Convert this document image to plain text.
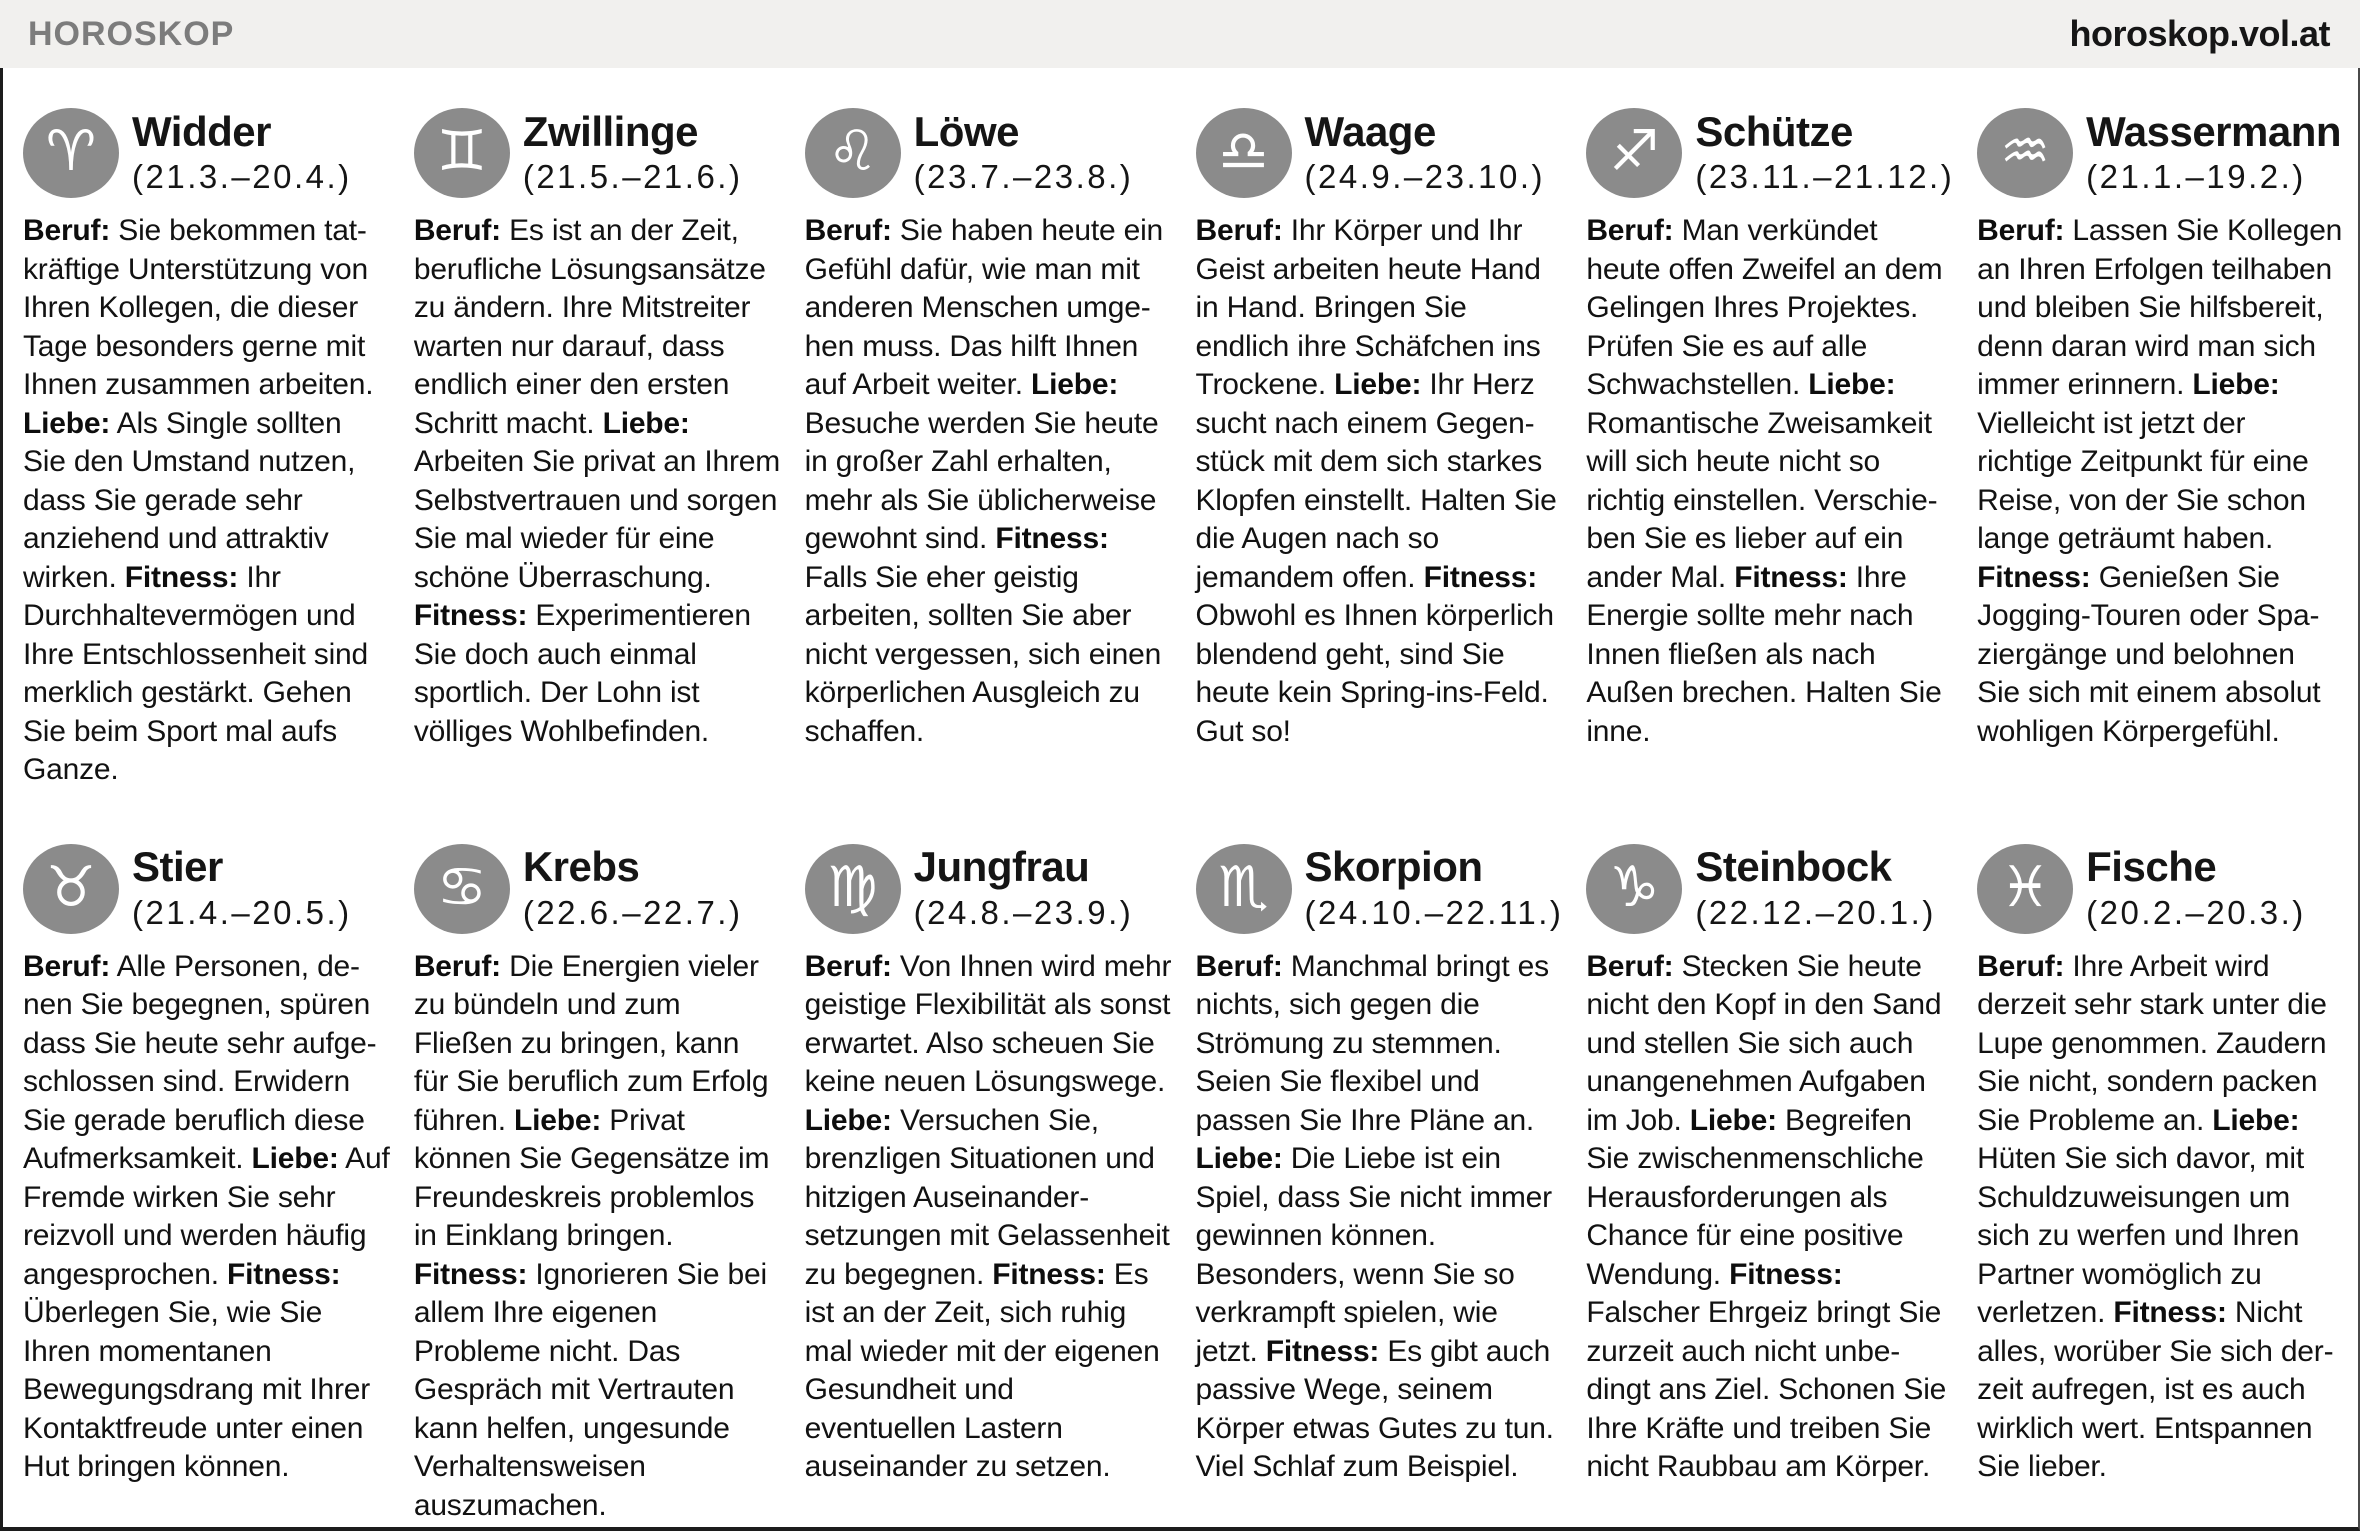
HOROSKOP	horoskop.vol.at
♈ Widder
(21.3.–20.4.)

Beruf: Sie bekommen tatkräftige Unterstützung von Ihren Kollegen, die dieser Tage besonders gerne mit Ihnen zusammen arbeiten. Liebe: Als Single sollten Sie den Umstand nutzen, dass Sie gerade sehr anziehend und attraktiv wirken. Fitness: Ihr Durchhaltevermögen und Ihre Entschlossenheit sind merklich gestärkt. Gehen Sie beim Sport mal aufs Ganze.

♊ Zwillinge
(21.5.–21.6.)

Beruf: Es ist an der Zeit, berufliche Lösungsansätze zu ändern. Ihre Mitstreiter warten nur darauf, dass endlich einer den ersten Schritt macht. Liebe: Arbeiten Sie privat an Ihrem Selbstvertrauen und sorgen Sie mal wieder für eine schöne Überraschung. Fitness: Experimentieren Sie doch auch einmal sportlich. Der Lohn ist völliges Wohlbefinden.

♌ Löwe
(23.7.–23.8.)

Beruf: Sie haben heute ein Gefühl dafür, wie man mit anderen Menschen umgehen muss. Das hilft Ihnen auf Arbeit weiter. Liebe: Besuche werden Sie heute in großer Zahl erhalten, mehr als Sie üblicherweise gewohnt sind. Fitness: Falls Sie eher geistig arbeiten, sollten Sie aber nicht vergessen, sich einen körperlichen Ausgleich zu schaffen.

♎ Waage
(24.9.–23.10.)

Beruf: Ihr Körper und Ihr Geist arbeiten heute Hand in Hand. Bringen Sie endlich ihre Schäfchen ins Trockene. Liebe: Ihr Herz sucht nach einem Gegenstück mit dem sich starkes Klopfen einstellt. Halten Sie die Augen nach so jemandem offen. Fitness: Obwohl es Ihnen körperlich blendend geht, sind Sie heute kein Spring-ins-Feld. Gut so!

♐ Schütze
(23.11.–21.12.)

Beruf: Man verkündet heute offen Zweifel an dem Gelingen Ihres Projektes. Prüfen Sie es auf alle Schwachstellen. Liebe: Romantische Zweisamkeit will sich heute nicht so richtig einstellen. Verschieben Sie es lieber auf ein ander Mal. Fitness: Ihre Energie sollte mehr nach Innen fließen als nach Außen brechen. Halten Sie inne.

♒ Wassermann
(21.1.–19.2.)

Beruf: Lassen Sie Kollegen an Ihren Erfolgen teilhaben und bleiben Sie hilfsbereit, denn daran wird man sich immer erinnern. Liebe: Vielleicht ist jetzt der richtige Zeitpunkt für eine Reise, von der Sie schon lange geträumt haben. Fitness: Genießen Sie Jogging-Touren oder Spaziergänge und belohnen Sie sich mit einem absolut wohligen Körpergefühl.

♉ Stier
(21.4.–20.5.)

Beruf: Alle Personen, denen Sie begegnen, spüren dass Sie heute sehr aufgeschlossen sind. Erwidern Sie gerade beruflich diese Aufmerksamkeit. Liebe: Auf Fremde wirken Sie sehr reizvoll und werden häufig angesprochen. Fitness: Überlegen Sie, wie Sie Ihren momentanen Bewegungsdrang mit Ihrer Kontaktfreude unter einen Hut bringen können.

♋ Krebs
(22.6.–22.7.)

Beruf: Die Energien vieler zu bündeln und zum Fließen zu bringen, kann für Sie beruflich zum Erfolg führen. Liebe: Privat können Sie Gegensätze im Freundeskreis problemlos in Einklang bringen. Fitness: Ignorieren Sie bei allem Ihre eigenen Probleme nicht. Das Gespräch mit Vertrauten kann helfen, ungesunde Verhaltensweisen auszumachen.

♍ Jungfrau
(24.8.–23.9.)

Beruf: Von Ihnen wird mehr geistige Flexibilität als sonst erwartet. Also scheuen Sie keine neuen Lösungswege. Liebe: Versuchen Sie, brenzligen Situationen und hitzigen Auseinandersetzungen mit Gelassenheit zu begegnen. Fitness: Es ist an der Zeit, sich ruhig mal wieder mit der eigenen Gesundheit und eventuellen Lastern auseinander zu setzen.

♏ Skorpion
(24.10.–22.11.)

Beruf: Manchmal bringt es nichts, sich gegen die Strömung zu stemmen. Seien Sie flexibel und passen Sie Ihre Pläne an. Liebe: Die Liebe ist ein Spiel, dass Sie nicht immer gewinnen können. Besonders, wenn Sie so verkrampft spielen, wie jetzt. Fitness: Es gibt auch passive Wege, seinem Körper etwas Gutes zu tun. Viel Schlaf zum Beispiel.

♑ Steinbock
(22.12.–20.1.)

Beruf: Stecken Sie heute nicht den Kopf in den Sand und stellen Sie sich auch unangenehmen Aufgaben im Job. Liebe: Begreifen Sie zwischenmenschliche Herausforderungen als Chance für eine positive Wendung. Fitness: Falscher Ehrgeiz bringt Sie zurzeit auch nicht unbedingt ans Ziel. Schonen Sie Ihre Kräfte und treiben Sie nicht Raubbau am Körper.

♓ Fische
(20.2.–20.3.)

Beruf: Ihre Arbeit wird derzeit sehr stark unter die Lupe genommen. Zaudern Sie nicht, sondern packen Sie Probleme an. Liebe: Hüten Sie sich davor, mit Schuldzuweisungen um sich zu werfen und Ihren Partner womöglich zu verletzen. Fitness: Nicht alles, worüber Sie sich derzeit aufregen, ist es auch wirklich wert. Entspannen Sie lieber.
